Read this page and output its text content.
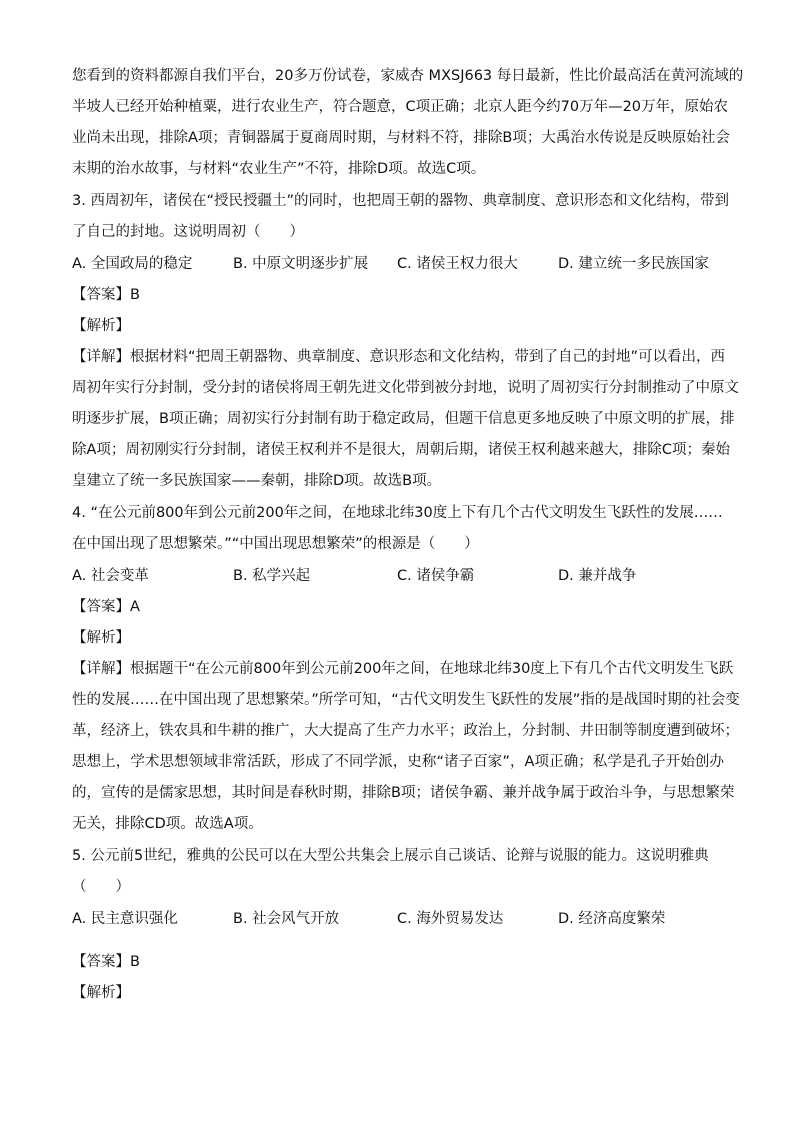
您看到的资料都源自我们平台，20多万份试卷，家威杏 MXSJ663 每日最新，性比价最高活在黄河流域的
半坡人已经开始种植粟，进行农业生产，符合题意，C项正确；北京人距今约70万年—20万年，原始农
业尚未出现，排除A项；青铜器属于夏商周时期，与材料不符，排除B项；大禹治水传说是反映原始社会
末期的治水故事，与材料“农业生产”不符，排除D项。故选C项。
3. 西周初年，诸侯在“授民授疆土”的同时，也把周王朝的器物、典章制度、意识形态和文化结构，带到
了自己的封地。这说明周初（　　）
A. 全国政局的稳定	B. 中原文明逐步扩展 C. 诸侯王权力很大	D. 建立统一多民族国家
【答案】B
【解析】
【详解】根据材料“把周王朝器物、典章制度、意识形态和文化结构，带到了自己的封地”可以看出，西
周初年实行分封制，受分封的诸侯将周王朝先进文化带到被分封地，说明了周初实行分封制推动了中原文
明逐步扩展，B项正确；周初实行分封制有助于稳定政局，但题干信息更多地反映了中原文明的扩展，排
除A项；周初刚实行分封制，诸侯王权利并不是很大，周朝后期，诸侯王权利越来越大，排除C项；秦始
皇建立了统一多民族国家——秦朝，排除D项。故选B项。
4. “在公元前800年到公元前200年之间，在地球北纬30度上下有几个古代文明发生飞跃性的发展……
在中国出现了思想繁荣。”“中国出现思想繁荣”的根源是（　　）
A. 社会变革	B. 私学兴起	C. 诸侯争霸	D. 兼并战争
【答案】A
【解析】
【详解】根据题干“在公元前800年到公元前200年之间，在地球北纬30度上下有几个古代文明发生飞跃
性的发展……在中国出现了思想繁荣。”所学可知，“古代文明发生飞跃性的发展”指的是战国时期的社会变
革，经济上，铁农具和牛耕的推广，大大提高了生产力水平；政治上，分封制、井田制等制度遭到破坏；
思想上，学术思想领域非常活跃，形成了不同学派，史称“诸子百家”，A项正确；私学是孔子开始创办
的，宣传的是儒家思想，其时间是春秋时期，排除B项；诸侯争霸、兼并战争属于政治斗争，与思想繁荣
无关，排除CD项。故选A项。
5. 公元前5世纪，雅典的公民可以在大型公共集会上展示自己谈话、论辩与说服的能力。这说明雅典
（　　）
A. 民主意识强化	B. 社会风气开放	C. 海外贸易发达	D. 经济高度繁荣
【答案】B
【解析】
